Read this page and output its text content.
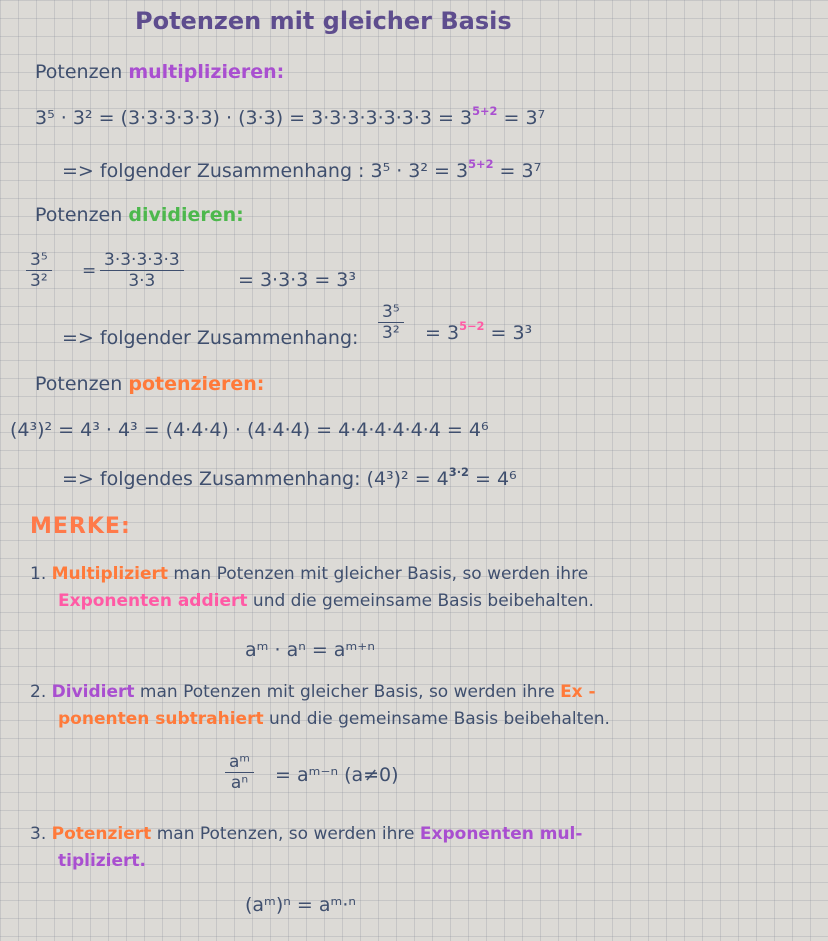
Potenzen mit gleicher Basis
Potenzen multiplizieren:
$3^5 \cdot 3^2 = (3\cdot 3\cdot 3\cdot 3\cdot 3) \cdot (3\cdot 3) = 3\cdot 3\cdot 3\cdot 3\cdot 3\cdot 3\cdot 3 = 3^{5+2} = 3^7$
=> folgender Zusammenhang : $3^5 \cdot 3^2 = 3^{5+2} = 3^7$
Potenzen dividieren:
$\frac{\text{3⁵}}{\text{3²}} = \frac{3\cdot 3\cdot 3\cdot 3\cdot 3}{3\cdot 3}$	= 3·3·3 = 3³
=> folgender Zusammenhang: $\frac{\text{3⁵}}{\text{3²}} = 3^{5-2} = 3^3$
Potenzen potenzieren:
(4³)² = 4³ · 4³ = (4·4·4) · (4·4·4) = 4·4·4·4·4·4 = 4⁶
=> folgendes Zusammenhang: $(4^3)^2 = 4^{3\cdot 2} = 4^6$
MERKE:
1. Multipliziert man Potenzen mit gleicher Basis, so werden ihre
Exponenten addiert und die gemeinsame Basis beibehalten.
aᵐ · aⁿ = aᵐ⁺ⁿ
2. Dividiert man Potenzen mit gleicher Basis, so werden ihre Ex -
ponenten subtrahiert und die gemeinsame Basis beibehalten.
$\frac{\text{aᵐ}}{\text{aⁿ}}$ = aᵐ⁻ⁿ (a≠0)
3. Potenziert man Potenzen, so werden ihre Exponenten mul-
tipliziert.
(aᵐ)ⁿ = aᵐ·ⁿ
